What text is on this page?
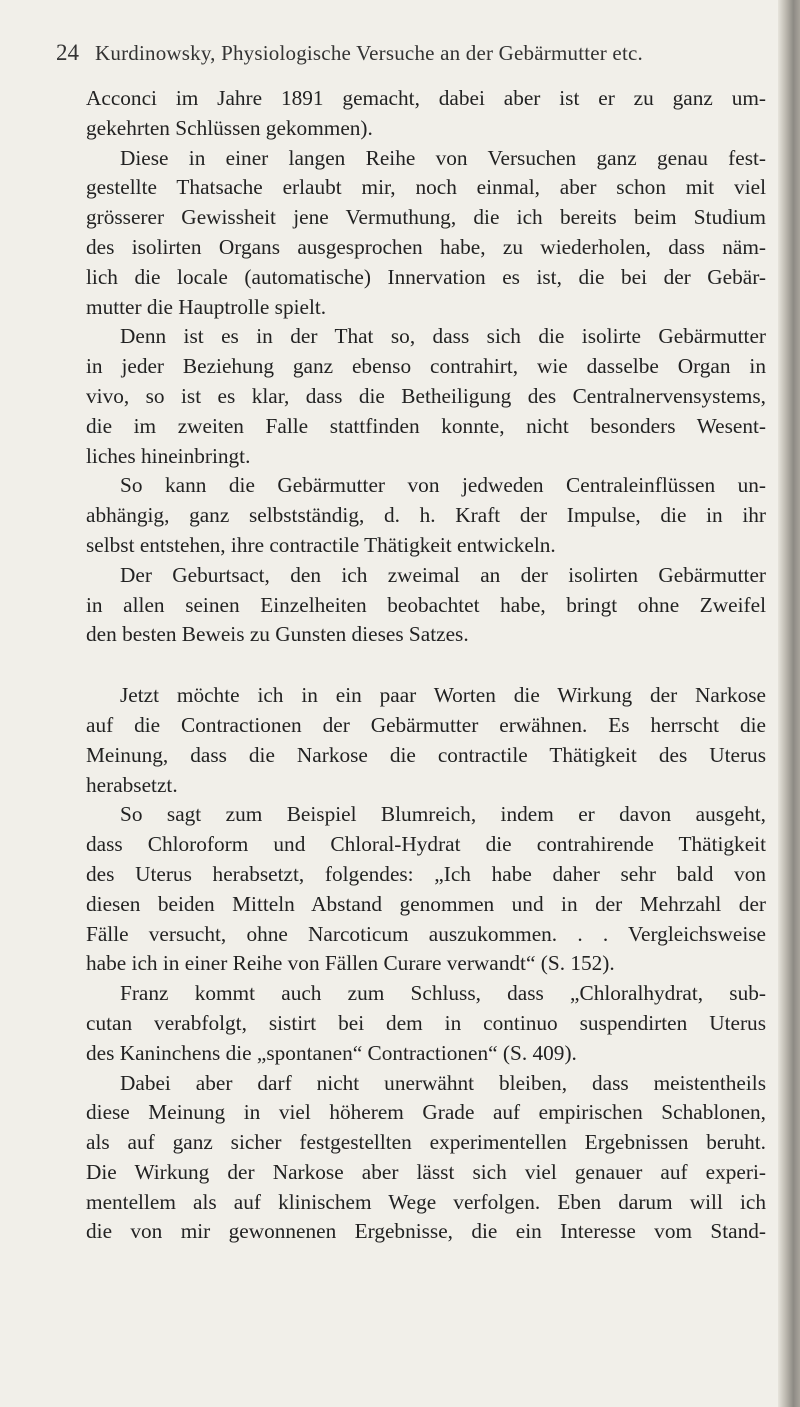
24 Kurdinowsky, Physiologische Versuche an der Gebärmutter etc.

Acconci im Jahre 1891 gemacht, dabei aber ist er zu ganz um-
gekehrten Schlüssen gekommen).

Diese in einer langen Reihe von Versuchen ganz genau fest-
gestellte Thatsache erlaubt mir, noch einmal, aber schon mit viel
grösserer Gewissheit jene Vermuthung, die ich bereits beim Studium
des isolirten Organs ausgesprochen habe, zu wiederholen, dass näm-
lich die locale (automatische) Innervation es ist, die bei der Gebär-
mutter die Hauptrolle spielt.

Denn ist es in der That so, dass sich die isolirte Gebärmutter
in jeder Beziehung ganz ebenso contrahirt, wie dasselbe Organ in
vivo, so ist es klar, dass die Betheiligung des Centralnervensystems,
die im zweiten Falle stattfinden konnte, nicht besonders Wesent-
liches hineinbringt.

So kann die Gebärmutter von jedweden Centraleinflüssen un-
abhängig, ganz selbstständig, d. h. Kraft der Impulse, die in ihr
selbst entstehen, ihre contractile Thätigkeit entwickeln.

Der Geburtsact, den ich zweimal an der isolirten Gebärmutter
in allen seinen Einzelheiten beobachtet habe, bringt ohne Zweifel
den besten Beweis zu Gunsten dieses Satzes.

Jetzt möchte ich in ein paar Worten die Wirkung der Narkose
auf die Contractionen der Gebärmutter erwähnen. Es herrscht die
Meinung, dass die Narkose die contractile Thätigkeit des Uterus
herabsetzt.

So sagt zum Beispiel Blumreich, indem er davon ausgeht,
dass Chloroform und Chloral-Hydrat die contrahirende Thätigkeit
des Uterus herabsetzt, folgendes: „Ich habe daher sehr bald von
diesen beiden Mitteln Abstand genommen und in der Mehrzahl der
Fälle versucht, ohne Narcoticum auszukommen. . . Vergleichsweise
habe ich in einer Reihe von Fällen Curare verwandt“ (S. 152).

Franz kommt auch zum Schluss, dass „Chloralhydrat, sub-
cutan verabfolgt, sistirt bei dem in continuo suspendirten Uterus
des Kaninchens die „spontanen“ Contractionen“ (S. 409).

Dabei aber darf nicht unerwähnt bleiben, dass meistentheils
diese Meinung in viel höherem Grade auf empirischen Schablonen,
als auf ganz sicher festgestellten experimentellen Ergebnissen beruht.
Die Wirkung der Narkose aber lässt sich viel genauer auf experi-
mentellem als auf klinischem Wege verfolgen. Eben darum will ich
die von mir gewonnenen Ergebnisse, die ein Interesse vom Stand-
